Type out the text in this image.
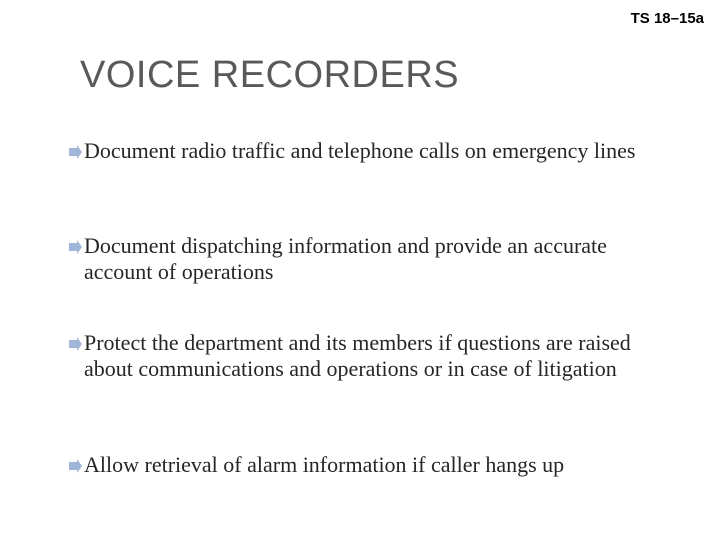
TS 18–15a
VOICE RECORDERS
Document radio traffic and telephone calls on emergency lines
Document dispatching information and provide an accurate account of operations
Protect the department and its members if questions are raised about communications and operations or in case of litigation
Allow retrieval of alarm information if caller hangs up
